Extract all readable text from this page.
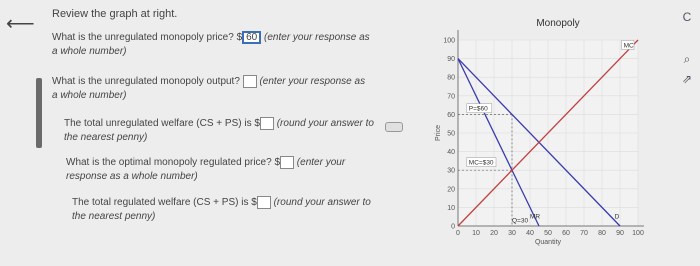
⟵ Review the graph at right.
What is the unregulated monopoly price? $ 60 (enter your response as
a whole number)
What is the unregulated monopoly output? (enter your response as
a whole number)
The total unregulated welfare (CS + PS) is $ (round your answer to
the nearest penny)
What is the optimal monopoly regulated price? $ (enter your
response as a whole number)
The total regulated welfare (CS + PS) is $ (round your answer to
the nearest penny)
0
10
20
30
40
50
60
70
80
90
100
0 10 20 30 40 50 60 70 80 90 100
Quantity
Price
Monopoly
P=$60
MC=$30
Q=30
MR	D
MC
C
⌕
⇗
